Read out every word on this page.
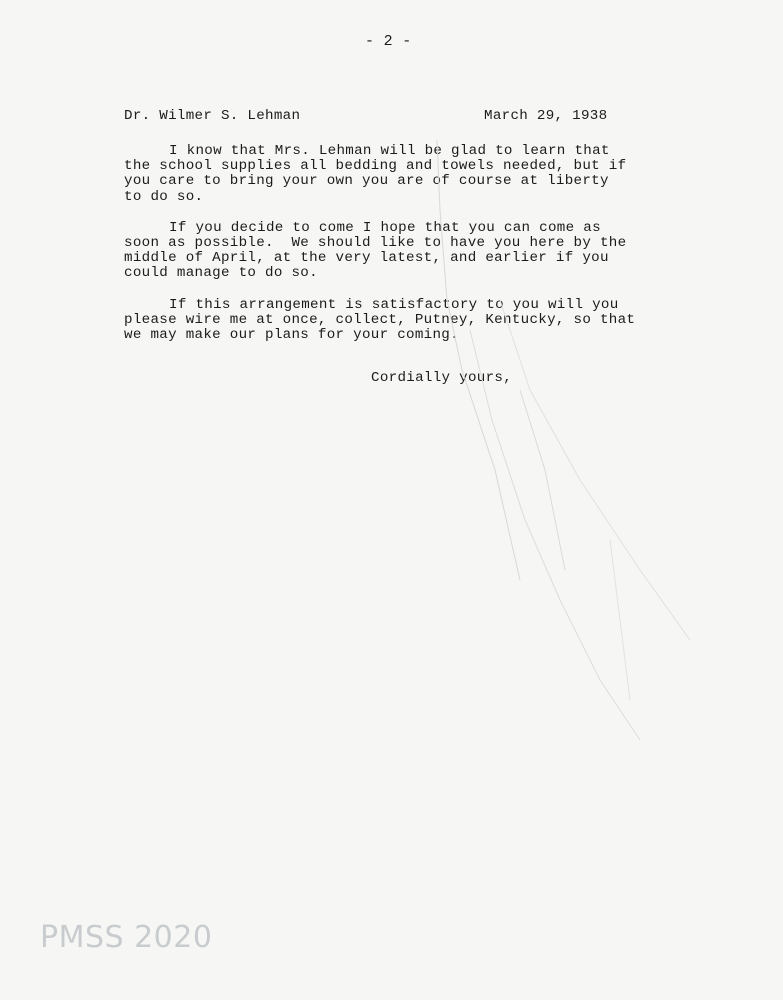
- 2 -
Dr. Wilmer S. Lehman	March 29, 1938
I know that Mrs. Lehman will be glad to learn that
the school supplies all bedding and towels needed, but if
you care to bring your own you are of course at liberty
to do so.
If you decide to come I hope that you can come as
soon as possible.  We should like to have you here by the
middle of April, at the very latest, and earlier if you
could manage to do so.
If this arrangement is satisfactory to you will you
please wire me at once, collect, Putney, Kentucky, so that
we may make our plans for your coming.
Cordially yours,
PMSS 2020
